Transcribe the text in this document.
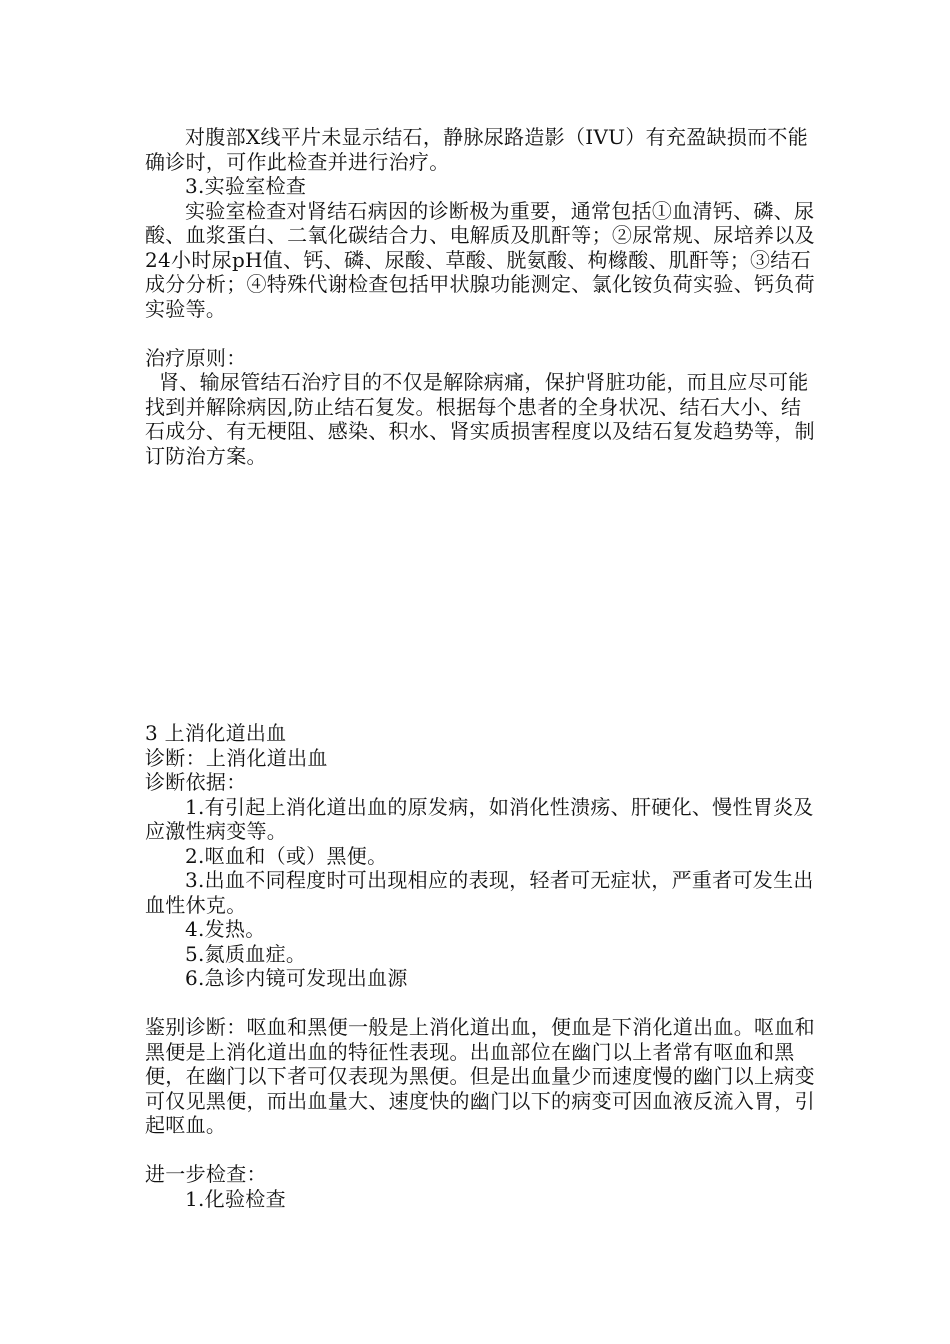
对腹部X线平片未显示结石，静脉尿路造影（IVU）有充盈缺损而不能确诊时，可作此检查并进行治疗。

3.实验室检查

实验室检查对肾结石病因的诊断极为重要，通常包括①血清钙、磷、尿酸、血浆蛋白、二氧化碳结合力、电解质及肌酐等；②尿常规、尿培养以及24小时尿pH值、钙、磷、尿酸、草酸、胱氨酸、枸橼酸、肌酐等；③结石成分分析；④特殊代谢检查包括甲状腺功能测定、氯化铵负荷实验、钙负荷实验等。

治疗原则：

肾、输尿管结石治疗目的不仅是解除病痛，保护肾脏功能，而且应尽可能找到并解除病因,防止结石复发。根据每个患者的全身状况、结石大小、结石成分、有无梗阻、感染、积水、肾实质损害程度以及结石复发趋势等，制订防治方案。

3 上消化道出血

诊断：上消化道出血

诊断依据：

1.有引起上消化道出血的原发病，如消化性溃疡、肝硬化、慢性胃炎及应激性病变等。

2.呕血和（或）黑便。

3.出血不同程度时可出现相应的表现，轻者可无症状，严重者可发生出血性休克。

4.发热。

5.氮质血症。

6.急诊内镜可发现出血源

鉴别诊断：呕血和黑便一般是上消化道出血，便血是下消化道出血。呕血和黑便是上消化道出血的特征性表现。出血部位在幽门以上者常有呕血和黑便，在幽门以下者可仅表现为黑便。但是出血量少而速度慢的幽门以上病变可仅见黑便，而出血量大、速度快的幽门以下的病变可因血液反流入胃，引起呕血。

进一步检查：

1.化验检查
